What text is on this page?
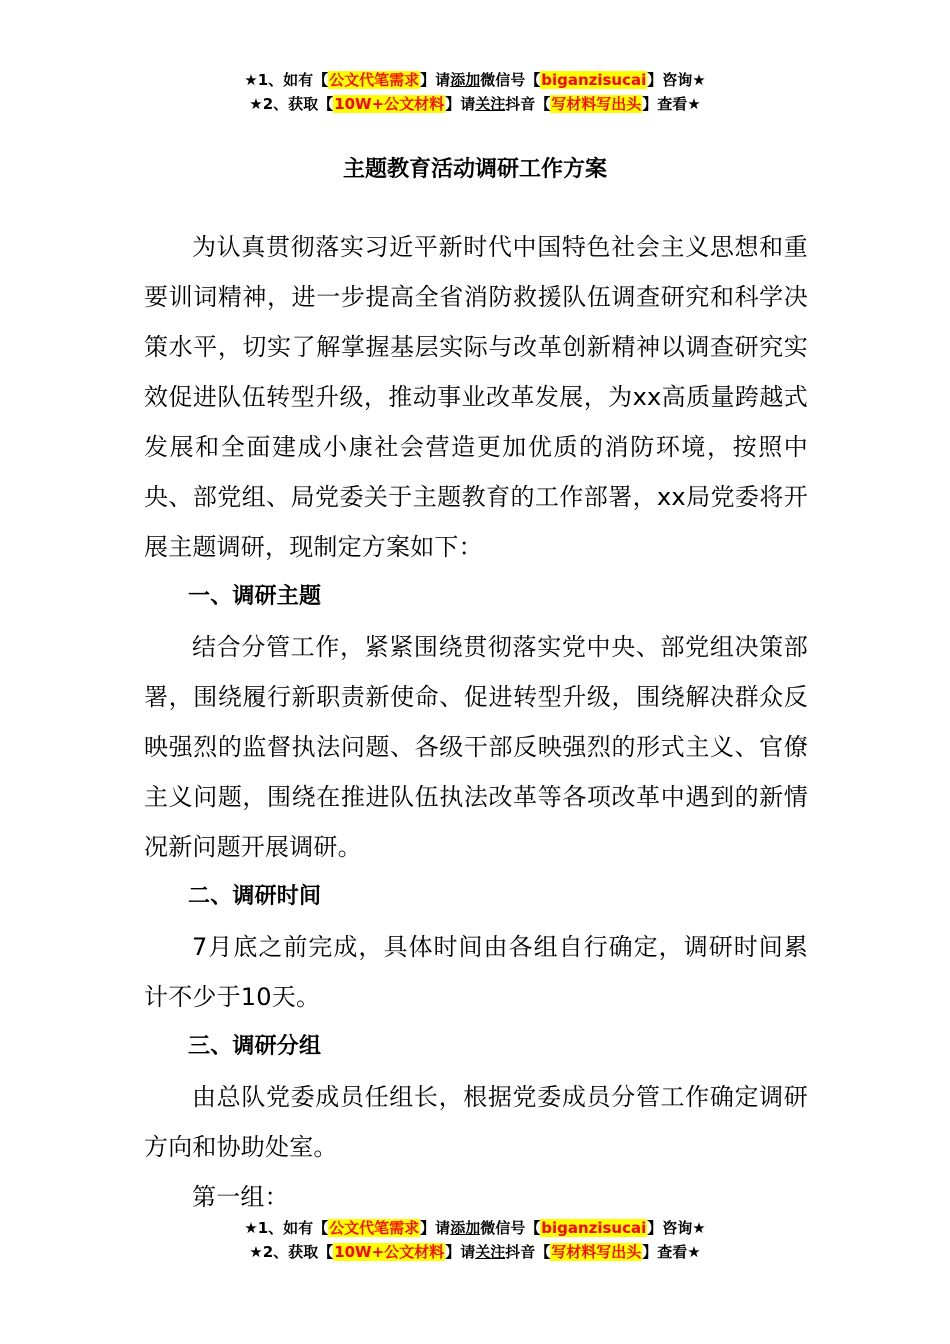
★1、如有【公文代笔需求】请添加微信号【biganzisucai】咨询★
★2、获取【10W+公文材料】请关注抖音【写材料写出头】查看★
主题教育活动调研工作方案

为认真贯彻落实习近平新时代中国特色社会主义思想和重要训词精神，进一步提高全省消防救援队伍调查研究和科学决策水平，切实了解掌握基层实际与改革创新精神以调查研究实效促进队伍转型升级，推动事业改革发展，为xx高质量跨越式发展和全面建成小康社会营造更加优质的消防环境，按照中央、部党组、局党委关于主题教育的工作部署，xx局党委将开展主题调研，现制定方案如下：

一、调研主题

结合分管工作，紧紧围绕贯彻落实党中央、部党组决策部署，围绕履行新职责新使命、促进转型升级，围绕解决群众反映强烈的监督执法问题、各级干部反映强烈的形式主义、官僚主义问题，围绕在推进队伍执法改革等各项改革中遇到的新情况新问题开展调研。

二、调研时间

7月底之前完成，具体时间由各组自行确定，调研时间累计不少于10天。

三、调研分组

由总队党委成员任组长，根据党委成员分管工作确定调研方向和协助处室。

第一组：

★1、如有【公文代笔需求】请添加微信号【biganzisucai】咨询★
★2、获取【10W+公文材料】请关注抖音【写材料写出头】查看★
